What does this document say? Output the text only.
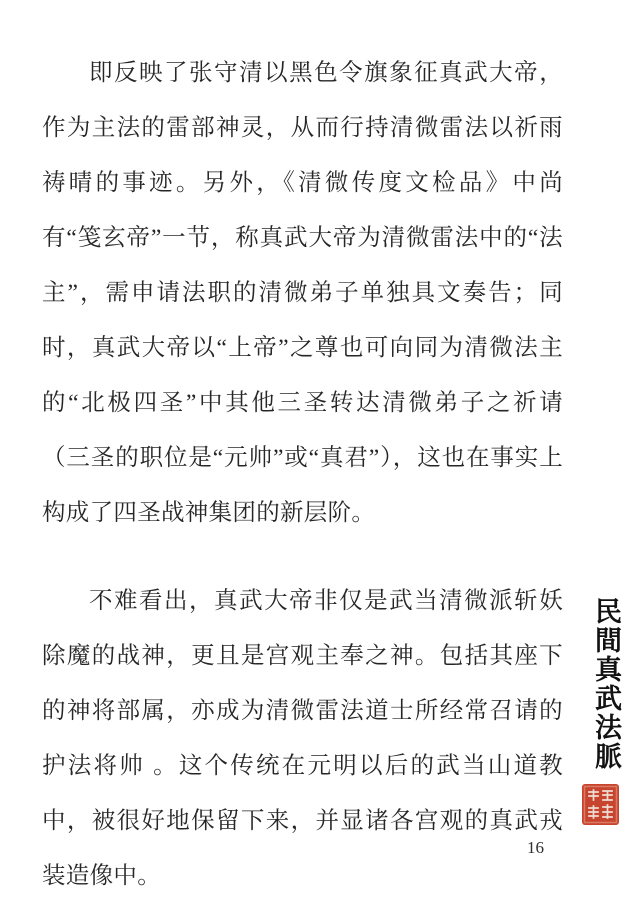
即反映了张守清以黑色令旗象征真武大帝，作为主法的雷部神灵，从而行持清微雷法以祈雨祷晴的事迹。另外，《清微传度文检品》中尚有“笺玄帝”一节，称真武大帝为清微雷法中的“法主”，需申请法职的清微弟子单独具文奏告；同时，真武大帝以“上帝”之尊也可向同为清微法主的“北极四圣”中其他三圣转达清微弟子之祈请（三圣的职位是“元帅”或“真君”），这也在事实上构成了四圣战神集团的新层阶。

不难看出，真武大帝非仅是武当清微派斩妖除魔的战神，更且是宫观主奉之神。包括其座下的神将部属，亦成为清微雷法道士所经常召请的护法将帅 。这个传统在元明以后的武当山道教中，被很好地保留下来，并显诸各宫观的真武戎装造像中。

民間真武法脈
16
